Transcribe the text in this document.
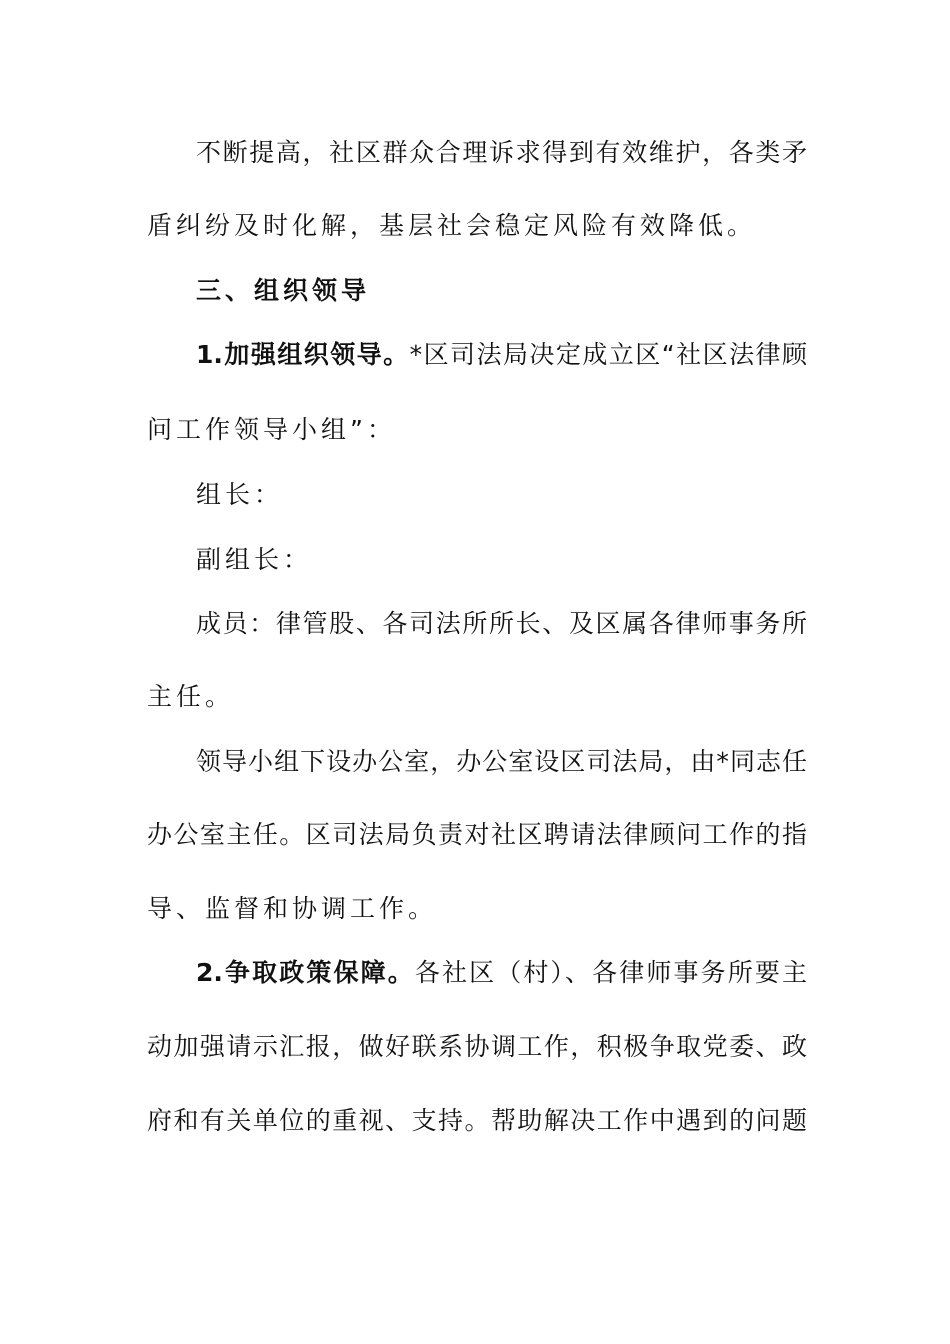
不断提高，社区群众合理诉求得到有效维护，各类矛
盾纠纷及时化解，基层社会稳定风险有效降低。
三、组织领导
1.加强组织领导。*区司法局决定成立区“社区法律顾
问工作领导小组”：
组长：
副组长：
成员：律管股、各司法所所长、及区属各律师事务所
主任。
领导小组下设办公室，办公室设区司法局，由*同志任
办公室主任。区司法局负责对社区聘请法律顾问工作的指
导、监督和协调工作。
2.争取政策保障。各社区（村）、各律师事务所要主
动加强请示汇报，做好联系协调工作，积极争取党委、政
府和有关单位的重视、支持。帮助解决工作中遇到的问题
